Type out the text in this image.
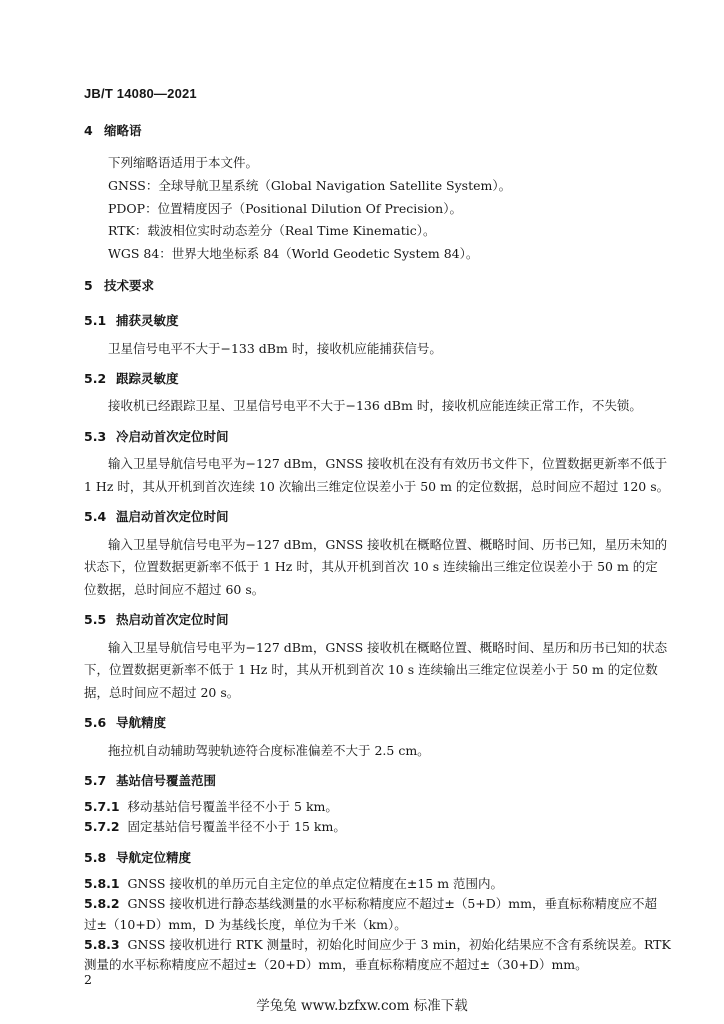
JB/T 14080—2021
4 缩略语
下列缩略语适用于本文件。
GNSS：全球导航卫星系统（Global Navigation Satellite System）。
PDOP：位置精度因子（Positional Dilution Of Precision）。
RTK：载波相位实时动态差分（Real Time Kinematic）。
WGS 84：世界大地坐标系 84（World Geodetic System 84）。
5 技术要求
5.1 捕获灵敏度
卫星信号电平不大于−133 dBm 时，接收机应能捕获信号。
5.2 跟踪灵敏度
接收机已经跟踪卫星、卫星信号电平不大于−136 dBm 时，接收机应能连续正常工作，不失锁。
5.3 冷启动首次定位时间
输入卫星导航信号电平为−127 dBm，GNSS 接收机在没有有效历书文件下，位置数据更新率不低于
1 Hz 时，其从开机到首次连续 10 次输出三维定位误差小于 50 m 的定位数据，总时间应不超过 120 s。
5.4 温启动首次定位时间
输入卫星导航信号电平为−127 dBm，GNSS 接收机在概略位置、概略时间、历书已知，星历未知的
状态下，位置数据更新率不低于 1 Hz 时，其从开机到首次 10 s 连续输出三维定位误差小于 50 m 的定
位数据，总时间应不超过 60 s。
5.5 热启动首次定位时间
输入卫星导航信号电平为−127 dBm，GNSS 接收机在概略位置、概略时间、星历和历书已知的状态
下，位置数据更新率不低于 1 Hz 时，其从开机到首次 10 s 连续输出三维定位误差小于 50 m 的定位数
据，总时间应不超过 20 s。
5.6 导航精度
拖拉机自动辅助驾驶轨迹符合度标准偏差不大于 2.5 cm。
5.7 基站信号覆盖范围
5.7.1 移动基站信号覆盖半径不小于 5 km。
5.7.2 固定基站信号覆盖半径不小于 15 km。
5.8 导航定位精度
5.8.1 GNSS 接收机的单历元自主定位的单点定位精度在±15 m 范围内。
5.8.2 GNSS 接收机进行静态基线测量的水平标称精度应不超过±（5+D）mm，垂直标称精度应不超
过±（10+D）mm，D 为基线长度，单位为千米（km）。
5.8.3 GNSS 接收机进行 RTK 测量时，初始化时间应少于 3 min，初始化结果应不含有系统误差。RTK
测量的水平标称精度应不超过±（20+D）mm，垂直标称精度应不超过±（30+D）mm。
2
学兔兔 www.bzfxw.com 标准下载
